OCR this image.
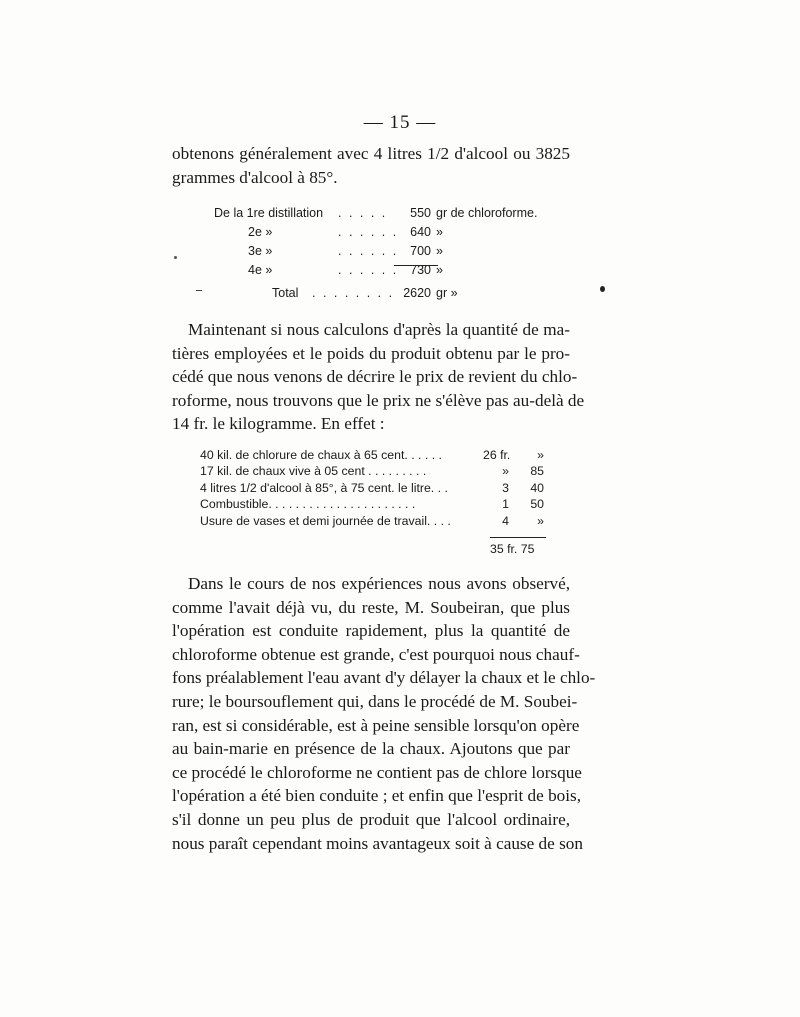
— 15 —
obtenons généralement avec 4 litres 1/2 d'alcool ou 3825
grammes d'alcool à 85°.
De la 1re distillation . . . . .	550 gr de chloroforme.
2e »	. . . . . . 640 »
3e »	. . . . . . 700 »
4e »	. . . . . . 730 »
Total . . . . . . . . 2620 gr »
Maintenant si nous calculons d'après la quantité de ma-
tières employées et le poids du produit obtenu par le pro-
cédé que nous venons de décrire le prix de revient du chlo-
roforme, nous trouvons que le prix ne s'élève pas au-delà de
14 fr. le kilogramme. En effet :
40 kil. de chlorure de chaux à 65 cent. . . . . .	26 fr.	»
17 kil. de chaux vive à 05 cent . . . . . . . . .	»	85
4 litres 1/2 d'alcool à 85°, à 75 cent. le litre. . .	3	40
Combustible. . . . . . . . . . . . . . . . . . . . . .	1	50
Usure de vases et demi journée de travail. . . .	4	»
35 fr. 75
Dans le cours de nos expériences nous avons observé,
comme l'avait déjà vu, du reste, M. Soubeiran, que plus
l'opération est conduite rapidement, plus la quantité de
chloroforme obtenue est grande, c'est pourquoi nous chauf-
fons préalablement l'eau avant d'y délayer la chaux et le chlo-
rure; le boursouflement qui, dans le procédé de M. Soubei-
ran, est si considérable, est à peine sensible lorsqu'on opère
au bain-marie en présence de la chaux. Ajoutons que par
ce procédé le chloroforme ne contient pas de chlore lorsque
l'opération a été bien conduite ; et enfin que l'esprit de bois,
s'il donne un peu plus de produit que l'alcool ordinaire,
nous paraît cependant moins avantageux soit à cause de son
